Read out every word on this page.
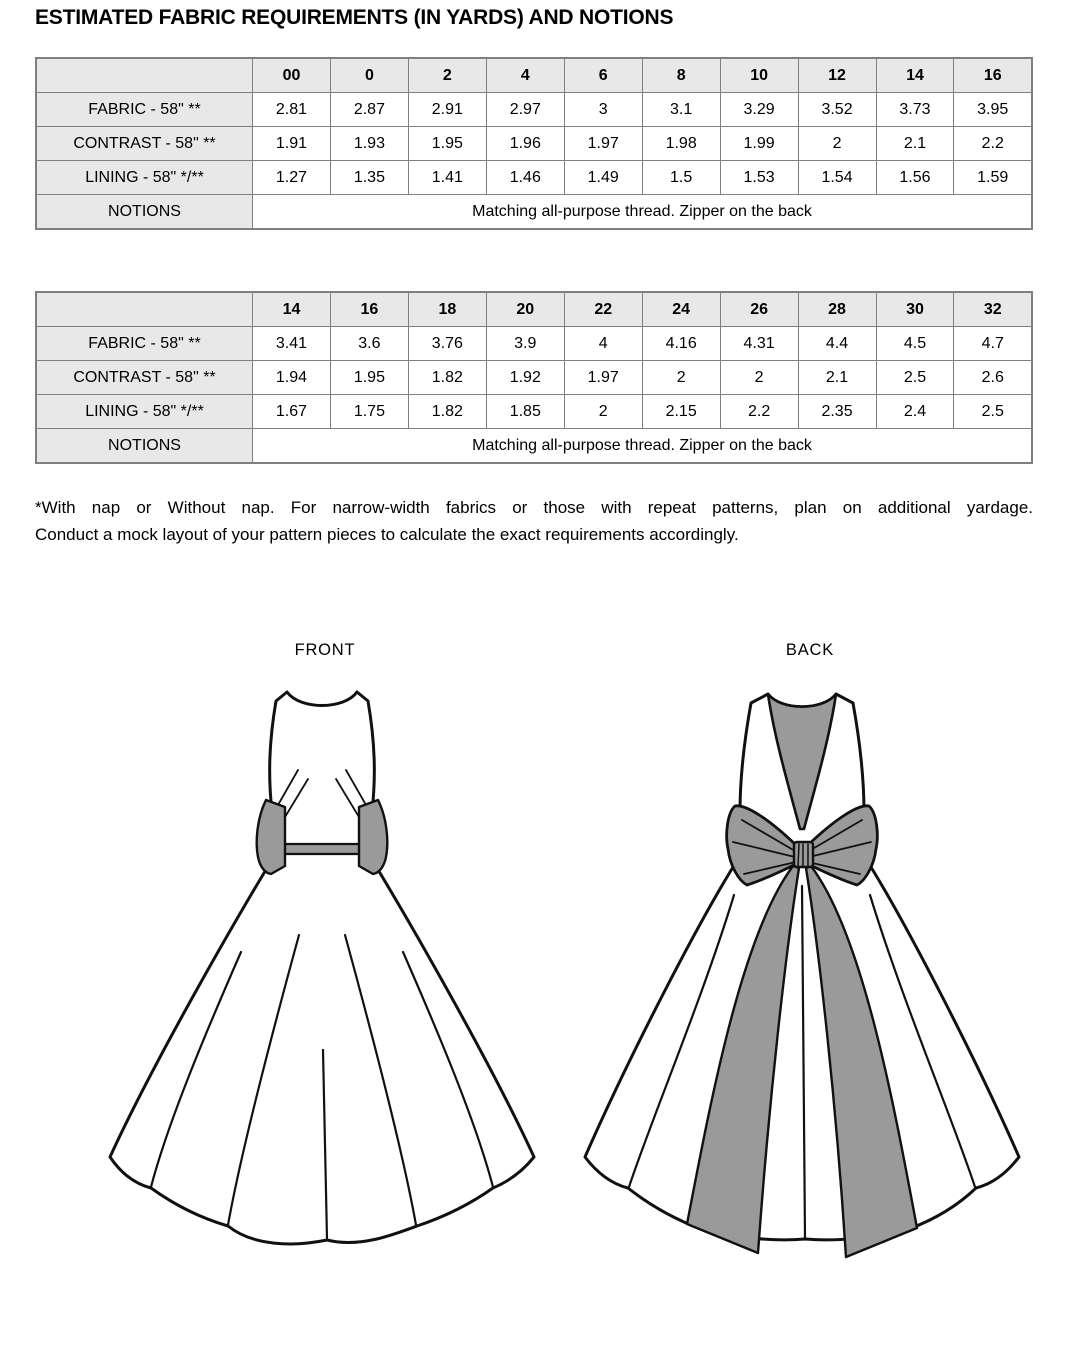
ESTIMATED FABRIC REQUIREMENTS (IN YARDS) AND NOTIONS
	00	0	2	4	6	8	10	12	14	16
FABRIC - 58" **	2.81	2.87	2.91	2.97	3	3.1	3.29	3.52	3.73	3.95
CONTRAST - 58" **	1.91	1.93	1.95	1.96	1.97	1.98	1.99	2	2.1	2.2
LINING - 58" */**	1.27	1.35	1.41	1.46	1.49	1.5	1.53	1.54	1.56	1.59
NOTIONS	Matching all-purpose thread. Zipper on the back									
	14	16	18	20	22	24	26	28	30	32
FABRIC - 58" **	3.41	3.6	3.76	3.9	4	4.16	4.31	4.4	4.5	4.7
CONTRAST - 58" **	1.94	1.95	1.82	1.92	1.97	2	2	2.1	2.5	2.6
LINING - 58" */**	1.67	1.75	1.82	1.85	2	2.15	2.2	2.35	2.4	2.5
NOTIONS	Matching all-purpose thread. Zipper on the back									
*With nap or Without nap. For narrow-width fabrics or those with repeat patterns, plan on additional yardage.
Conduct a mock layout of your pattern pieces to calculate the exact requirements accordingly.
FRONT	BACK
